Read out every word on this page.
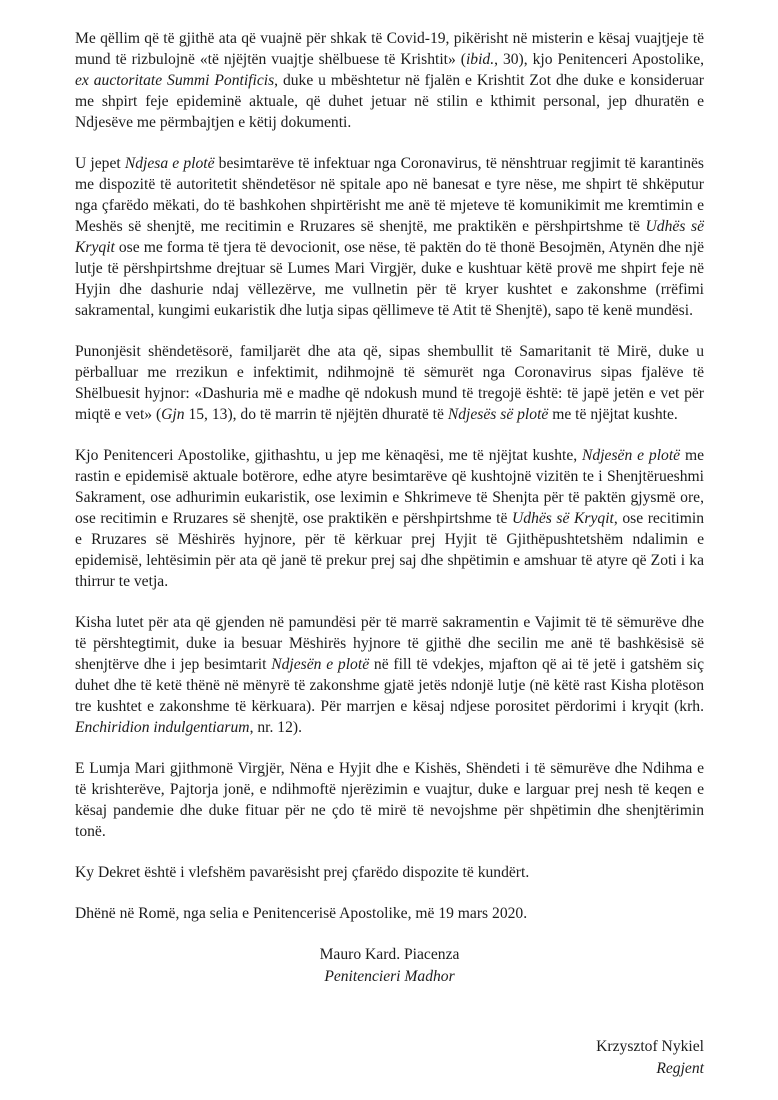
Me qëllim që të gjithë ata që vuajnë për shkak të Covid-19, pikërisht në misterin e kësaj vuajtjeje të mund të rizbulojnë «të njëjtën vuajtje shëlbuese të Krishtit» (ibid., 30), kjo Penitenceri Apostolike, ex auctoritate Summi Pontificis, duke u mbështetur në fjalën e Krishtit Zot dhe duke e konsideruar me shpirt feje epideminë aktuale, që duhet jetuar në stilin e kthimit personal, jep dhuratën e Ndjesëve me përmbajtjen e këtij dokumenti.

U jepet Ndjesa e plotë besimtarëve të infektuar nga Coronavirus, të nënshtruar regjimit të karantinës me dispozitë të autoritetit shëndetësor në spitale apo në banesat e tyre nëse, me shpirt të shkëputur nga çfarëdo mëkati, do të bashkohen shpirtërisht me anë të mjeteve të komunikimit me kremtimin e Meshës së shenjtë, me recitimin e Rruzares së shenjtë, me praktikën e përshpirtshme të Udhës së Kryqit ose me forma të tjera të devocionit, ose nëse, të paktën do të thonë Besojmën, Atynën dhe një lutje të përshpirtshme drejtuar së Lumes Mari Virgjër, duke e kushtuar këtë provë me shpirt feje në Hyjin dhe dashurie ndaj vëllezërve, me vullnetin për të kryer kushtet e zakonshme (rrëfimi sakramental, kungimi eukaristik dhe lutja sipas qëllimeve të Atit të Shenjtë), sapo të kenë mundësi.

Punonjësit shëndetësorë, familjarët dhe ata që, sipas shembullit të Samaritanit të Mirë, duke u përballuar me rrezikun e infektimit, ndihmojnë të sëmurët nga Coronavirus sipas fjalëve të Shëlbuesit hyjnor: «Dashuria më e madhe që ndokush mund të tregojë është: të japë jetën e vet për miqtë e vet» (Gjn 15, 13), do të marrin të njëjtën dhuratë të Ndjesës së plotë me të njëjtat kushte.

Kjo Penitenceri Apostolike, gjithashtu, u jep me kënaqësi, me të njëjtat kushte, Ndjesën e plotë me rastin e epidemisë aktuale botërore, edhe atyre besimtarëve që kushtojnë vizitën te i Shenjtërueshmi Sakrament, ose adhurimin eukaristik, ose leximin e Shkrimeve të Shenjta për të paktën gjysmë ore, ose recitimin e Rruzares së shenjtë, ose praktikën e përshpirtshme të Udhës së Kryqit, ose recitimin e Rruzares së Mëshirës hyjnore, për të kërkuar prej Hyjit të Gjithëpushtetshëm ndalimin e epidemisë, lehtësimin për ata që janë të prekur prej saj dhe shpëtimin e amshuar të atyre që Zoti i ka thirrur te vetja.

Kisha lutet për ata që gjenden në pamundësi për të marrë sakramentin e Vajimit të të sëmurëve dhe të përshtegtimit, duke ia besuar Mëshirës hyjnore të gjithë dhe secilin me anë të bashkësisë së shenjtërve dhe i jep besimtarit Ndjesën e plotë në fill të vdekjes, mjafton që ai të jetë i gatshëm siç duhet dhe të ketë thënë në mënyrë të zakonshme gjatë jetës ndonjë lutje (në këtë rast Kisha plotëson tre kushtet e zakonshme të kërkuara). Për marrjen e kësaj ndjese porositet përdorimi i kryqit (krh. Enchiridion indulgentiarum, nr. 12).

E Lumja Mari gjithmonë Virgjër, Nëna e Hyjit dhe e Kishës, Shëndeti i të sëmurëve dhe Ndihma e të krishterëve, Pajtorja jonë, e ndihmoftë njerëzimin e vuajtur, duke e larguar prej nesh të keqen e kësaj pandemie dhe duke fituar për ne çdo të mirë të nevojshme për shpëtimin dhe shenjtërimin tonë.

Ky Dekret është i vlefshëm pavarësisht prej çfarëdo dispozite të kundërt.

Dhënë në Romë, nga selia e Penitencerisë Apostolike, më 19 mars 2020.

Mauro Kard. Piacenza
Penitencieri Madhor
Krzysztof Nykiel
Regjent
